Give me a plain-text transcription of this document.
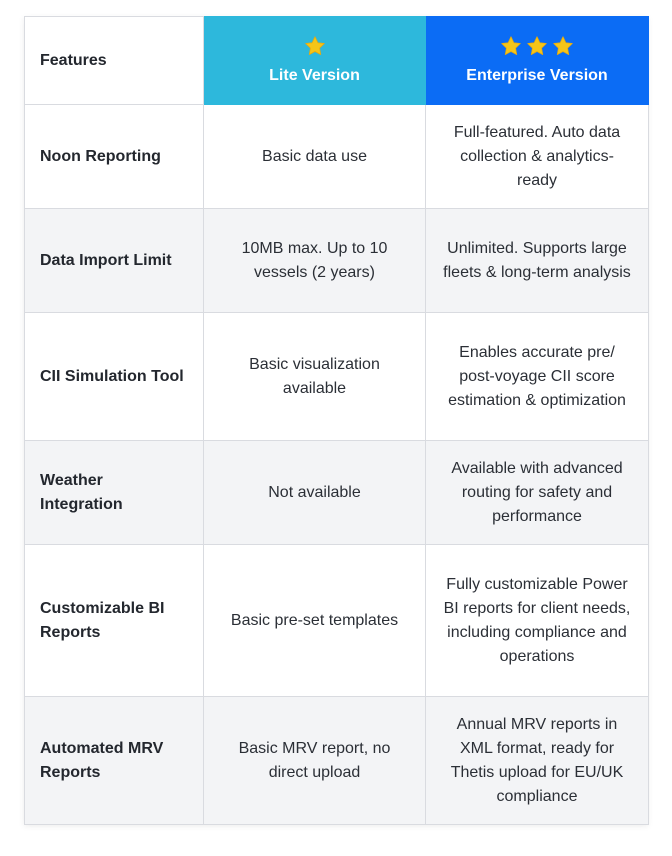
Features	Lite Version	Enterprise Version

Noon Reporting	Basic data use	Full-featured. Auto data collection & analytics-ready
Data Import Limit	10MB max. Up to 10 vessels (2 years)	Unlimited. Supports large fleets & long-term analysis
CII Simulation Tool	Basic visualization available	Enables accurate pre/ post-voyage CII score estimation & optimization
Weather Integration	Not available	Available with advanced routing for safety and performance
Customizable BI Reports	Basic pre-set templates	Fully customizable Power BI reports for client needs, including compliance and operations
Automated MRV Reports	Basic MRV report, no direct upload	Annual MRV reports in XML format, ready for Thetis upload for EU/UK compliance
